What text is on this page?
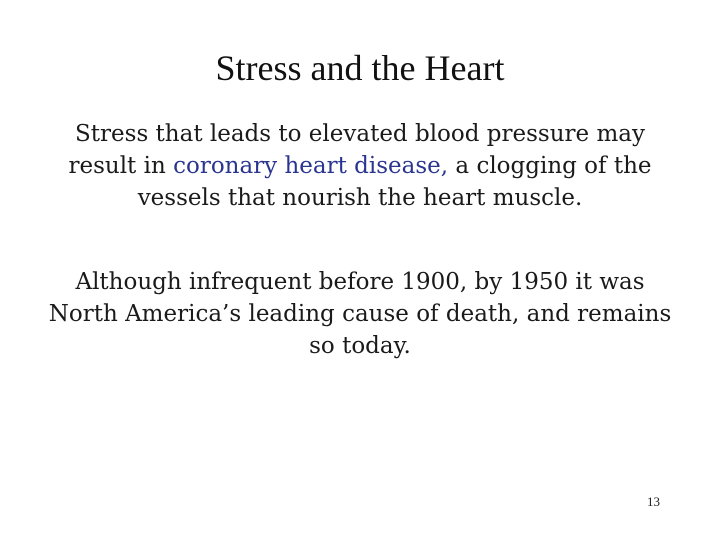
Stress and the Heart
Stress that leads to elevated blood pressure may result in coronary heart disease, a clogging of the vessels that nourish the heart muscle.
Although infrequent before 1900, by 1950 it was North America’s leading cause of death, and remains so today.
13
